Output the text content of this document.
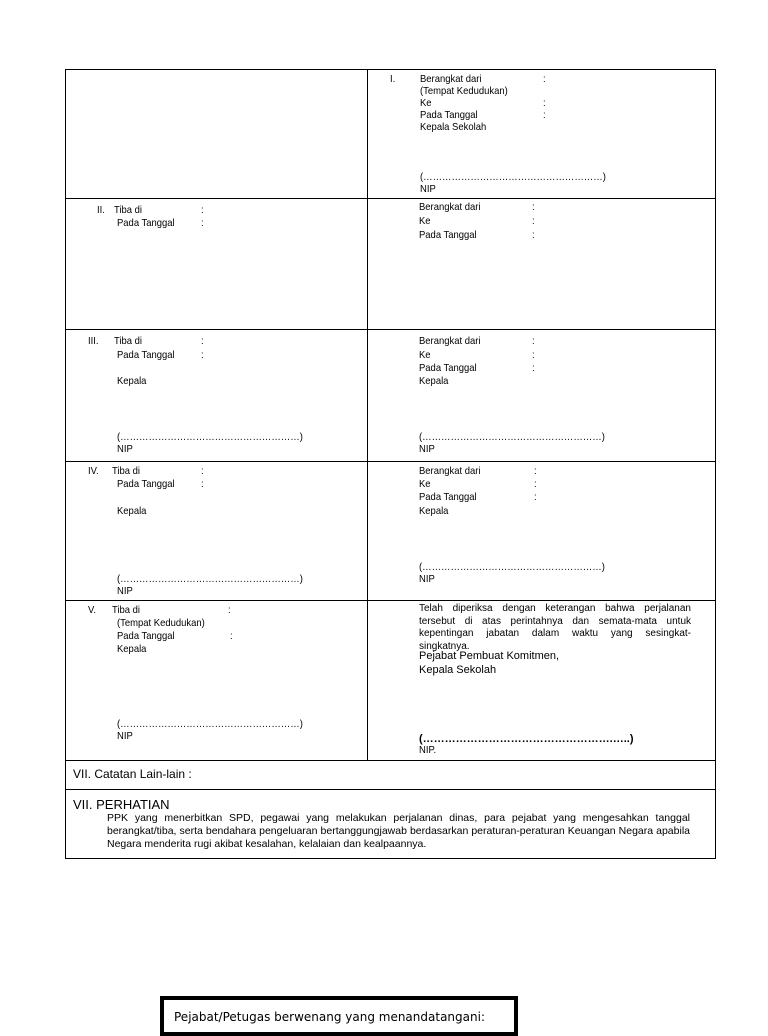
I. Berangkat dari	:
(Tempat Kedudukan)
Ke	:
Pada Tanggal	:
Kepala Sekolah
(…………………………………………………)
NIP
II. Tiba di	:
Pada Tanggal	:
Berangkat dari	:
Ke	:
Pada Tanggal	:
III. Tiba di	:
Pada Tanggal	:
Kepala
(…………………………………………………)
NIP
Berangkat dari	:
Ke	:
Pada Tanggal	:
Kepala
(…………………………………………………)
NIP
IV. Tiba di	:
Pada Tanggal	:
Kepala
(…………………………………………………)
NIP
Berangkat dari	:
Ke	:
Pada Tanggal	:
Kepala
(…………………………………………………)
NIP
V. Tiba di	:
(Tempat Kedudukan)
Pada Tanggal	:
Kepala
(…………………………………………………)
NIP
Telah diperiksa dengan keterangan bahwa perjalanan tersebut di atas perintahnya dan semata-mata untuk kepentingan jabatan dalam waktu yang sesingkat-singkatnya.
Pejabat Pembuat Komitmen,
Kepala Sekolah
(…………………………………………….…..)
NIP.
VII. Catatan Lain-lain :
VII. PERHATIAN
PPK yang menerbitkan SPD, pegawai yang melakukan perjalanan dinas, para pejabat yang mengesahkan tanggal berangkat/tiba, serta bendahara pengeluaran bertanggungjawab berdasarkan peraturan-peraturan Keuangan Negara apabila Negara menderita rugi akibat kesalahan, kelalaian dan kealpaannya.
Pejabat/Petugas berwenang yang menandatangani:
